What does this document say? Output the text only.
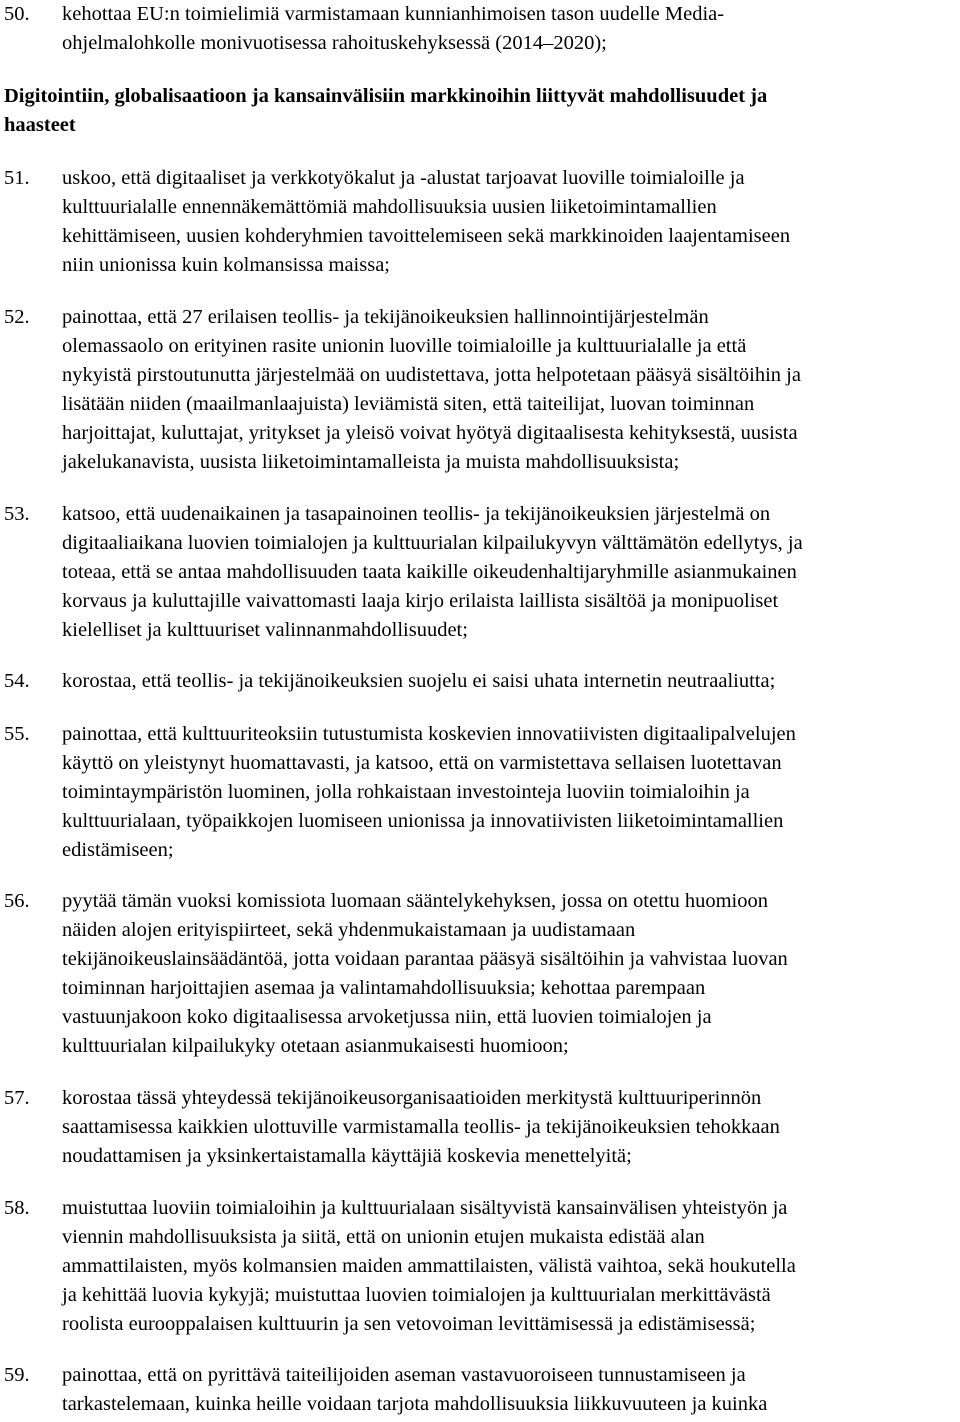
50. kehottaa EU:n toimielimiä varmistamaan kunnianhimoisen tason uudelle Media-
ohjelmalohkolle monivuotisessa rahoituskehyksessä (2014–2020);
Digitointiin, globalisaatioon ja kansainvälisiin markkinoihin liittyvät mahdollisuudet ja
haasteet
51. uskoo, että digitaaliset ja verkkotyökalut ja -alustat tarjoavat luoville toimialoille ja
kulttuurialalle ennennäkemättömiä mahdollisuuksia uusien liiketoimintamallien
kehittämiseen, uusien kohderyhmien tavoittelemiseen sekä markkinoiden laajentamiseen
niin unionissa kuin kolmansissa maissa;
52. painottaa, että 27 erilaisen teollis- ja tekijänoikeuksien hallinnointijärjestelmän
olemassaolo on erityinen rasite unionin luoville toimialoille ja kulttuurialalle ja että
nykyistä pirstoutunutta järjestelmää on uudistettava, jotta helpotetaan pääsyä sisältöihin ja
lisätään niiden (maailmanlaajuista) leviämistä siten, että taiteilijat, luovan toiminnan
harjoittajat, kuluttajat, yritykset ja yleisö voivat hyötyä digitaalisesta kehityksestä, uusista
jakelukanavista, uusista liiketoimintamalleista ja muista mahdollisuuksista;
53. katsoo, että uudenaikainen ja tasapainoinen teollis- ja tekijänoikeuksien järjestelmä on
digitaaliaikana luovien toimialojen ja kulttuurialan kilpailukyvyn välttämätön edellytys, ja
toteaa, että se antaa mahdollisuuden taata kaikille oikeudenhaltijaryhmille asianmukainen
korvaus ja kuluttajille vaivattomasti laaja kirjo erilaista laillista sisältöä ja monipuoliset
kielelliset ja kulttuuriset valinnanmahdollisuudet;
54. korostaa, että teollis- ja tekijänoikeuksien suojelu ei saisi uhata internetin neutraaliutta;
55. painottaa, että kulttuuriteoksiin tutustumista koskevien innovatiivisten digitaalipalvelujen
käyttö on yleistynyt huomattavasti, ja katsoo, että on varmistettava sellaisen luotettavan
toimintaympäristön luominen, jolla rohkaistaan investointeja luoviin toimialoihin ja
kulttuurialaan, työpaikkojen luomiseen unionissa ja innovatiivisten liiketoimintamallien
edistämiseen;
56. pyytää tämän vuoksi komissiota luomaan sääntelykehyksen, jossa on otettu huomioon
näiden alojen erityispiirteet, sekä yhdenmukaistamaan ja uudistamaan
tekijänoikeuslainsäädäntöä, jotta voidaan parantaa pääsyä sisältöihin ja vahvistaa luovan
toiminnan harjoittajien asemaa ja valintamahdollisuuksia; kehottaa parempaan
vastuunjakoon koko digitaalisessa arvoketjussa niin, että luovien toimialojen ja
kulttuurialan kilpailukyky otetaan asianmukaisesti huomioon;
57. korostaa tässä yhteydessä tekijänoikeusorganisaatioiden merkitystä kulttuuriperinnön
saattamisessa kaikkien ulottuville varmistamalla teollis- ja tekijänoikeuksien tehokkaan
noudattamisen ja yksinkertaistamalla käyttäjiä koskevia menettelyitä;
58. muistuttaa luoviin toimialoihin ja kulttuurialaan sisältyvistä kansainvälisen yhteistyön ja
viennin mahdollisuuksista ja siitä, että on unionin etujen mukaista edistää alan
ammattilaisten, myös kolmansien maiden ammattilaisten, välistä vaihtoa, sekä houkutella
ja kehittää luovia kykyjä; muistuttaa luovien toimialojen ja kulttuurialan merkittävästä
roolista eurooppalaisen kulttuurin ja sen vetovoiman levittämisessä ja edistämisessä;
59. painottaa, että on pyrittävä taiteilijoiden aseman vastavuoroiseen tunnustamiseen ja
tarkastelemaan, kuinka heille voidaan tarjota mahdollisuuksia liikkuvuuteen ja kuinka
